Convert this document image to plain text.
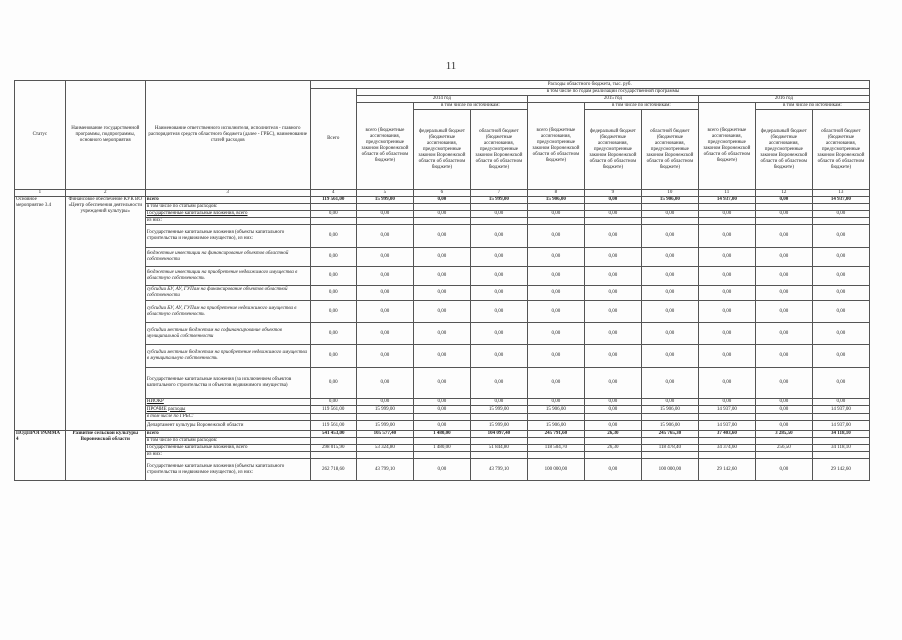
11
Статус	Наименование государственной программы, подпрограммы, основного мероприятия	Наименование ответственного исполнителя, исполнителя - главного распорядителя средств областного бюджета (далее - ГРБС), наименование статей расходов	Расходы областного бюджета, тыс. руб.									
			Всего	в том числе по годам реализации государственной программы								
				2014 год			2015 год			2016 год		
				всего (бюджетные ассигнования, предусмотренные законом Воронежской области об областном бюджете)	в том числе по источникам:		всего (бюджетные ассигнования, предусмотренные законом Воронежской области об областном бюджете)	в том числе по источникам:		всего (бюджетные ассигнования, предусмотренные законом Воронежской области об областном бюджете)	в том числе по источникам:	
					федеральный бюджет (бюджетные ассигнования, предусмотренные законом Воронежской области об областном бюджете)	областной бюджет (бюджетные ассигнования, предусмотренные законом Воронежской области об областном бюджете)		федеральный бюджет (бюджетные ассигнования, предусмотренные законом Воронежской области об областном бюджете)	областной бюджет (бюджетные ассигнования, предусмотренные законом Воронежской области об областном бюджете)		федеральный бюджет (бюджетные ассигнования, предусмотренные законом Воронежской области об областном бюджете)	областной бюджет (бюджетные ассигнования, предусмотренные законом Воронежской области об областном бюджете)
1	2	3	4	5	6	7	8	9	10	11	12	13
Основное мероприятие 3.4	Финансовое обеспечение КУК ВО «Центр обеспечения деятельности учреждений культуры»	всего	119 561,00	15 999,00	0,00	15 999,00	15 906,00	0,00	15 906,00	14 937,00	0,00	14 937,00
		в том числе по статьям расходов:										
		Государственные капитальные вложения, всего	0,00	0,00	0,00	0,00	0,00	0,00	0,00	0,00	0,00	0,00
		из них:										
		Государственные капитальные вложения (объекты капитального строительства и недвижимое имущество), из них:	0,00	0,00	0,00	0,00	0,00	0,00	0,00	0,00	0,00	0,00
		бюджетные инвестиции на финансирование объектов областной собственности	0,00	0,00	0,00	0,00	0,00	0,00	0,00	0,00	0,00	0,00
		бюджетные инвестиции на приобретение недвижимого имущества в областную собственность	0,00	0,00	0,00	0,00	0,00	0,00	0,00	0,00	0,00	0,00
		субсидии БУ, АУ, ГУПам на финансирование объектов областной собственности	0,00	0,00	0,00	0,00	0,00	0,00	0,00	0,00	0,00	0,00
		субсидии БУ, АУ, ГУПам на приобретение недвижимого имущества в областную собственность	0,00	0,00	0,00	0,00	0,00	0,00	0,00	0,00	0,00	0,00
		субсидии местным бюджетам на софинансирование объектов муниципальной собственности	0,00	0,00	0,00	0,00	0,00	0,00	0,00	0,00	0,00	0,00
		субсидии местным бюджетам на приобретение недвижимого имущества в муниципальную собственность	0,00	0,00	0,00	0,00	0,00	0,00	0,00	0,00	0,00	0,00
		Государственные капитальные вложения (за исключением объектов капитального строительства и объектов недвижимого имущества)	0,00	0,00	0,00	0,00	0,00	0,00	0,00	0,00	0,00	0,00
		НИОКР	0,00	0,00	0,00	0,00	0,00	0,00	0,00	0,00	0,00	0,00
		ПРОЧИЕ расходы	119 561,00	15 999,00	0,00	15 999,00	15 906,00	0,00	15 906,00	14 937,00	0,00	14 937,00
		в том числе по ГРБС:										
		Департамент культуры Воронежской области	119 561,00	15 999,00	0,00	15 999,00	15 906,00	0,00	15 906,00	14 937,00	0,00	14 937,00
ПОДПРОГРАММА 4	Развитие сельской культуры Воронежской области	всего	541 453,00	105 577,40	1 480,00	104 097,40	245 791,60	26,30	245 765,30	37 403,60	3 285,50	34 118,10
		в том числе по статьям расходов:										
		Государственные капитальные вложения, всего	298 015,90	53 324,80	1 480,00	51 844,80	118 504,70	26,30	118 478,40	34 374,60	256,50	34 118,10
		из них:										
		Государственные капитальные вложения (объекты капитального строительства и недвижимое имущество), из них:	262 718,60	43 799,10	0,00	43 799,10	100 000,00	0,00	100 000,00	29 142,60	0,00	29 142,60
